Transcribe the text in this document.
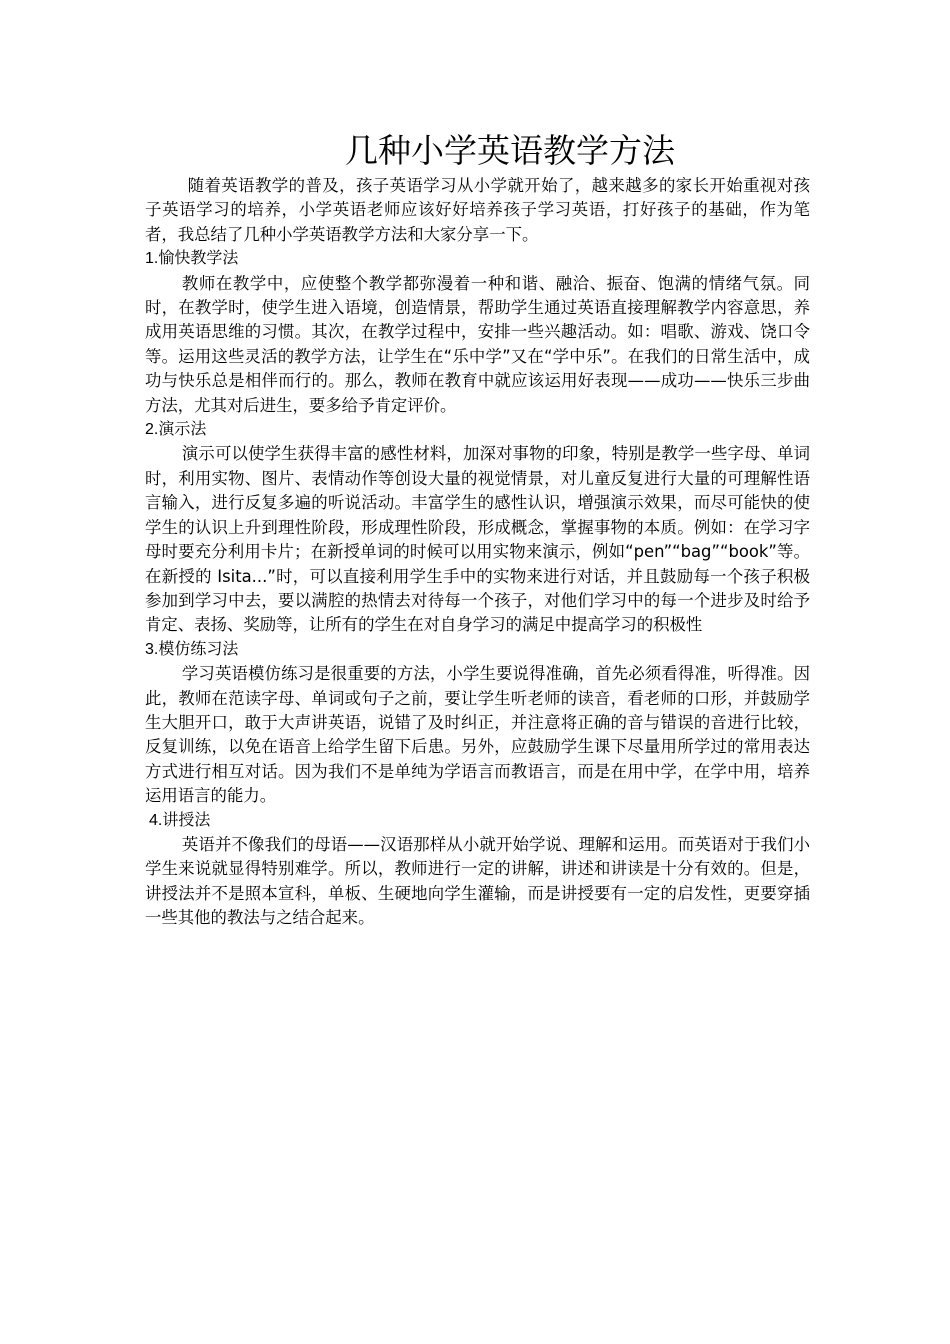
几种小学英语教学方法

随着英语教学的普及，孩子英语学习从小学就开始了，越来越多的家长开始重视对孩子英语学习的培养，小学英语老师应该好好培养孩子学习英语，打好孩子的基础，作为笔者，我总结了几种小学英语教学方法和大家分享一下。

1.愉快教学法

教师在教学中，应使整个教学都弥漫着一种和谐、融洽、振奋、饱满的情绪气氛。同时，在教学时，使学生进入语境，创造情景，帮助学生通过英语直接理解教学内容意思，养成用英语思维的习惯。其次，在教学过程中，安排一些兴趣活动。如：唱歌、游戏、饶口令等。运用这些灵活的教学方法，让学生在“乐中学”又在“学中乐”。在我们的日常生活中，成功与快乐总是相伴而行的。那么，教师在教育中就应该运用好表现——成功——快乐三步曲方法，尤其对后进生，要多给予肯定评价。

2.演示法

演示可以使学生获得丰富的感性材料，加深对事物的印象，特别是教学一些字母、单词时，利用实物、图片、表情动作等创设大量的视觉情景，对儿童反复进行大量的可理解性语言输入，进行反复多遍的听说活动。丰富学生的感性认识，增强演示效果，而尽可能快的使学生的认识上升到理性阶段，形成理性阶段，形成概念，掌握事物的本质。例如：在学习字母时要充分利用卡片；在新授单词的时候可以用实物来演示，例如“pen”“bag”“book”等。在新授的 Isita...”时，可以直接利用学生手中的实物来进行对话，并且鼓励每一个孩子积极参加到学习中去，要以满腔的热情去对待每一个孩子，对他们学习中的每一个进步及时给予肯定、表扬、奖励等，让所有的学生在对自身学习的满足中提高学习的积极性

3.模仿练习法

学习英语模仿练习是很重要的方法，小学生要说得准确，首先必须看得准，听得准。因此，教师在范读字母、单词或句子之前，要让学生听老师的读音，看老师的口形，并鼓励学生大胆开口，敢于大声讲英语，说错了及时纠正，并注意将正确的音与错误的音进行比较，反复训练，以免在语音上给学生留下后患。另外，应鼓励学生课下尽量用所学过的常用表达方式进行相互对话。因为我们不是单纯为学语言而教语言，而是在用中学，在学中用，培养运用语言的能力。

4.讲授法

英语并不像我们的母语——汉语那样从小就开始学说、理解和运用。而英语对于我们小学生来说就显得特别难学。所以，教师进行一定的讲解，讲述和讲读是十分有效的。但是，讲授法并不是照本宣科，单板、生硬地向学生灌输，而是讲授要有一定的启发性，更要穿插一些其他的教法与之结合起来。
